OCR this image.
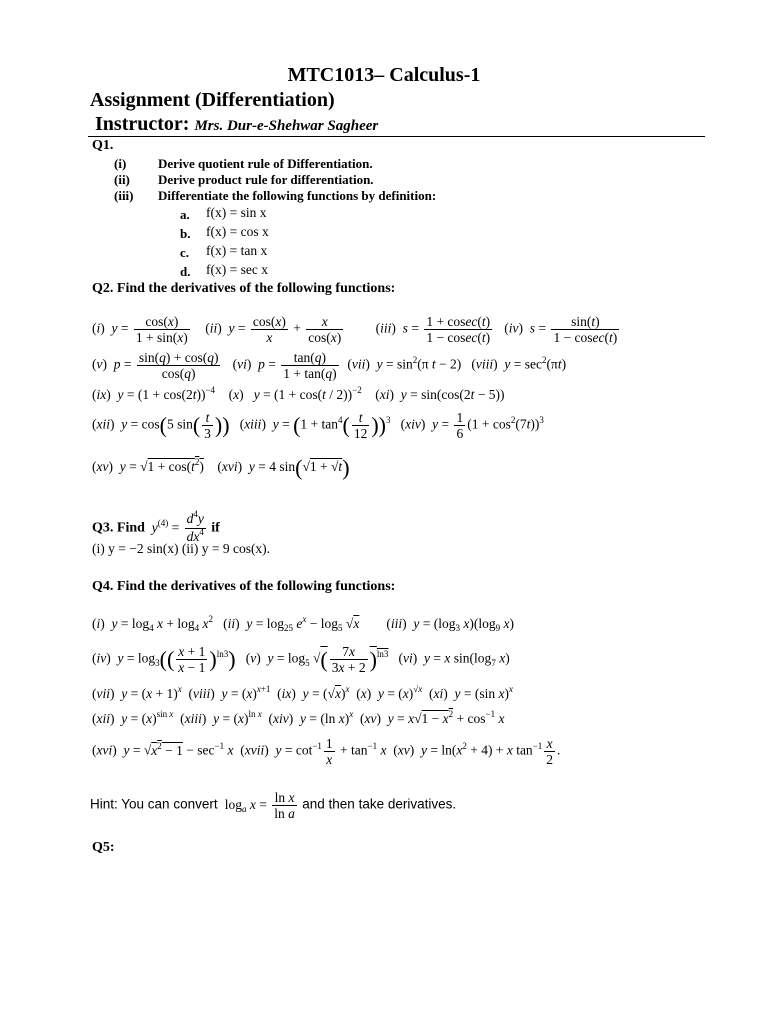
MTC1013– Calculus-1
Assignment (Differentiation)
Instructor: Mrs. Dur-e-Shehwar Sagheer
Q1.
(i) Derive quotient rule of Differentiation.
(ii) Derive product rule for differentiation.
(iii) Differentiate the following functions by definition:
a. f(x) = sin x
b. f(x) = cos x
c. f(x) = tan x
d. f(x) = sec x
Q2. Find the derivatives of the following functions:
(i)  $y = \frac{\cos(x)}{1 + \sin(x)} (ii) y = \frac{\cos(x)}{x} + \frac{x}{\cos(x)} (iii) s = \frac{1 + cosec(t)}{1 - cosec(t)} (iv) s = \frac{\sin(t)}{1 - cosec(t)}$
(v)  $p = \frac{\sin(q) + \cos(q)}{\cos(q)} (vi) p = \frac{\tan(q)}{1 + \tan(q)} (vii) y = \sin^2(\pi$ t − 2)   (viii)  $y = \sec^2(\pi t)$
(ix)  $y = (1 + \cos(2t))^{-4}$    (x)   $y = (1 + \cos(t / 2))^{-2}$    (xi)  y = sin(cos(2t − 5))
(xii)  y = cos(5 $\sin( \frac{t}{3}$ ))   (xiii)  $y = (1 + \tan^4( \frac{t}{12} ))^3$   (xiv)  $y = \frac{1}{6} (1 + \cos^2(7t))^3$
(xv)  $y = √1 + \cos(t^2)$    (xvi)  y = 4 sin(√1 + √t)
Q3. Find $y^{(4)} = \frac{d^4y}{dx^4}$ if
(i) y = −2 sin(x) (ii) y = 9 cos(x).
Q4. Find the derivatives of the following functions:
(i)  $y = \log_4 x + \log_4 x^2$   (ii)  $y = \log_{25} e^x - \log_5 √x$        (iii)  $y = (\log_3$ $x)(\log_9$ x)
(iv)  $y = \log_3(( \frac{x + 1}{x - 1} )^{ln3})$   (v)  $y = \log_5$ √( $\frac{7x}{3x + 2} )^{ln3}$   (vi)  y = x $\sin(\log_7$ x)
(vii)  $y = (x + 1)^x$  (viii)  $y = (x)^{x+1}$  (ix)  $y = (√x)^x$  (x)  $y = (x)^{√x}$  (xi)  y = (sin x)$^x$
(xii)  $y = (x)^{sin x}$  (xiii)  $y = (x)^{ln x}$  (xiv)  y = (ln x)$^x$  (xv)  $y = x√1 - x^2 + \cos^{-1} x$
(xvi)  $y = √x^2 - 1 - \sec^{-1} x$  (xvii)  $y = \cot^{-1} \frac{1}{x} + \tan^{-1} x$  (xv)  $y = \ln(x^2 + 4) + x$ $\tan^{-1} \frac{x}{2}$ .
Hint: You can convert  $\log_a x = \frac{\text{ln x}}{\text{ln a}}$ and then take derivatives.
Q5:
